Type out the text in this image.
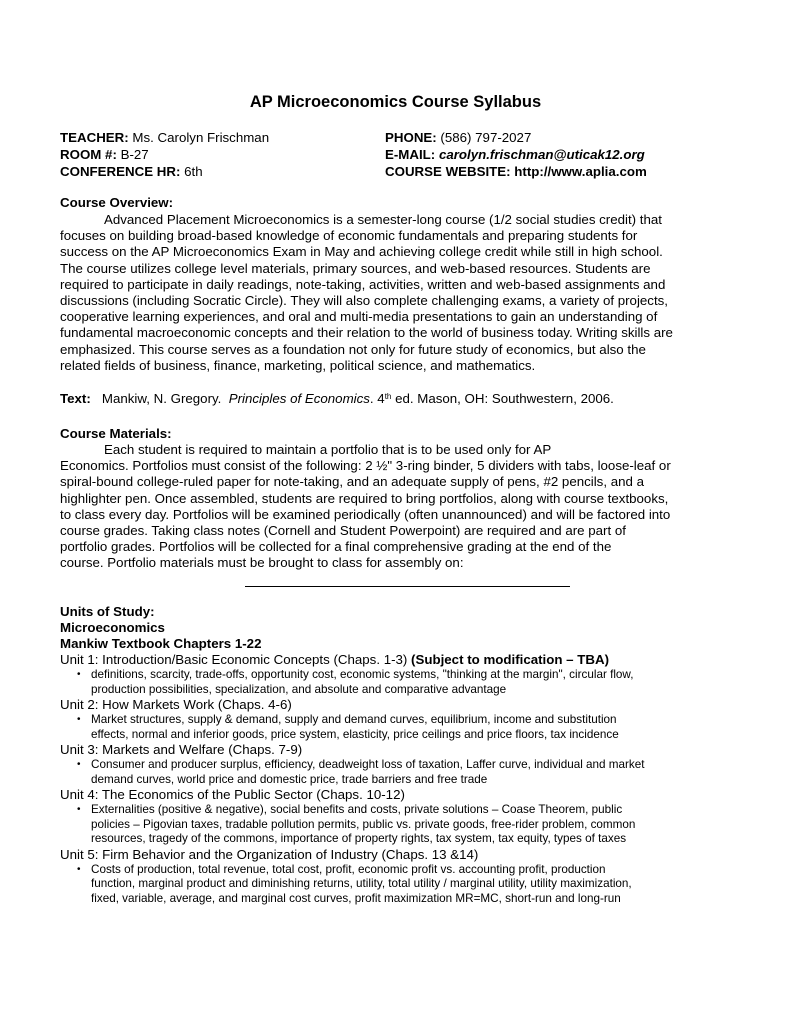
AP Microeconomics Course Syllabus
TEACHER: Ms. Carolyn Frischman
ROOM #: B-27
CONFERENCE HR: 6th
PHONE: (586) 797-2027
E-MAIL: carolyn.frischman@uticak12.org
COURSE WEBSITE: http://www.aplia.com
Course Overview:
Advanced Placement Microeconomics is a semester-long course (1/2 social studies credit) that
focuses on building broad-based knowledge of economic fundamentals and preparing students for
success on the AP Microeconomics Exam in May and achieving college credit while still in high school.
The course utilizes college level materials, primary sources, and web-based resources. Students are
required to participate in daily readings, note-taking, activities, written and web-based assignments and
discussions (including Socratic Circle). They will also complete challenging exams, a variety of projects,
cooperative learning experiences, and oral and multi-media presentations to gain an understanding of
fundamental macroeconomic concepts and their relation to the world of business today. Writing skills are
emphasized. This course serves as a foundation not only for future study of economics, but also the
related fields of business, finance, marketing, political science, and mathematics.
Text: Mankiw, N. Gregory. Principles of Economics. 4th ed. Mason, OH: Southwestern, 2006.
Course Materials:
Each student is required to maintain a portfolio that is to be used only for AP
Economics. Portfolios must consist of the following: 2 ½" 3-ring binder, 5 dividers with tabs, loose-leaf or
spiral-bound college-ruled paper for note-taking, and an adequate supply of pens, #2 pencils, and a
highlighter pen. Once assembled, students are required to bring portfolios, along with course textbooks,
to class every day. Portfolios will be examined periodically (often unannounced) and will be factored into
course grades. Taking class notes (Cornell and Student Powerpoint) are required and are part of
portfolio grades. Portfolios will be collected for a final comprehensive grading at the end of the
course. Portfolio materials must be brought to class for assembly on:
Units of Study:
Microeconomics
Mankiw Textbook Chapters 1-22
Unit 1: Introduction/Basic Economic Concepts (Chaps. 1-3) (Subject to modification – TBA)
• definitions, scarcity, trade-offs, opportunity cost, economic systems, "thinking at the margin", circular flow,
production possibilities, specialization, and absolute and comparative advantage
Unit 2: How Markets Work (Chaps. 4-6)
• Market structures, supply & demand, supply and demand curves, equilibrium, income and substitution
effects, normal and inferior goods, price system, elasticity, price ceilings and price floors, tax incidence
Unit 3: Markets and Welfare (Chaps. 7-9)
• Consumer and producer surplus, efficiency, deadweight loss of taxation, Laffer curve, individual and market
demand curves, world price and domestic price, trade barriers and free trade
Unit 4: The Economics of the Public Sector (Chaps. 10-12)
• Externalities (positive & negative), social benefits and costs, private solutions – Coase Theorem, public
policies – Pigovian taxes, tradable pollution permits, public vs. private goods, free-rider problem, common
resources, tragedy of the commons, importance of property rights, tax system, tax equity, types of taxes
Unit 5: Firm Behavior and the Organization of Industry (Chaps. 13 &14)
• Costs of production, total revenue, total cost, profit, economic profit vs. accounting profit, production
function, marginal product and diminishing returns, utility, total utility / marginal utility, utility maximization,
fixed, variable, average, and marginal cost curves, profit maximization MR=MC, short-run and long-run
